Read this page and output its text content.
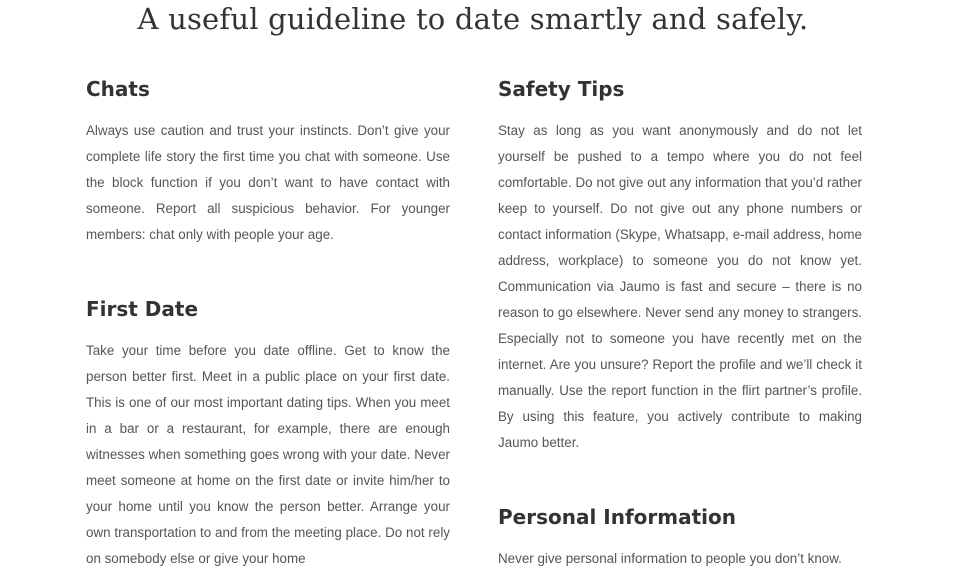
A useful guideline to date smartly and safely.
Chats

Always use caution and trust your instincts. Don’t give your complete life story the first time you chat with someone. Use the block function if you don’t want to have contact with someone. Report all suspicious behavior. For younger members: chat only with people your age.

First Date

Take your time before you date offline. Get to know the person better first. Meet in a public place on your first date. This is one of our most important dating tips. When you meet in a bar or a restaurant, for example, there are enough witnesses when something goes wrong with your date. Never meet someone at home on the first date or invite him/her to your home until you know the person better. Arrange your own transportation to and from the meeting place. Do not rely on somebody else or give your home

Safety Tips

Stay as long as you want anonymously and do not let yourself be pushed to a tempo where you do not feel comfortable. Do not give out any information that you’d rather keep to yourself. Do not give out any phone numbers or contact information (Skype, Whatsapp, e-mail address, home address, workplace) to someone you do not know yet. Communication via Jaumo is fast and secure – there is no reason to go elsewhere. Never send any money to strangers. Especially not to someone you have recently met on the internet. Are you unsure? Report the profile and we’ll check it manually. Use the report function in the flirt partner’s profile. By using this feature, you actively contribute to making Jaumo better.

Personal Information

Never give personal information to people you don’t know.
